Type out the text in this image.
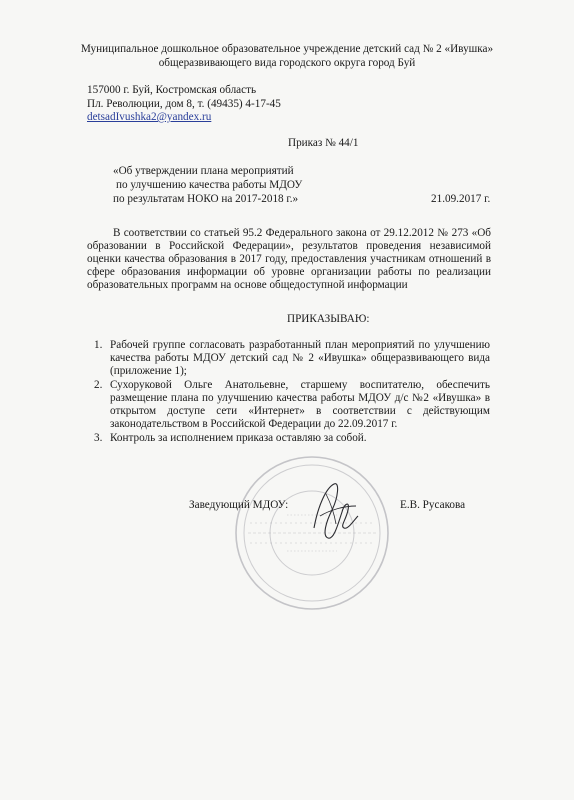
Муниципальное дошкольное образовательное учреждение детский сад № 2 «Ивушка»

общеразвивающего вида городского округа город Буй

157000 г. Буй, Костромская область

Пл. Революции, дом 8, т. (49435) 4-17-45

detsadIvushka2@yandex.ru

Приказ № 44/1

«Об утверждении плана мероприятий

по улучшению качества работы МДОУ

по результатам НОКО на 2017-2018 г.»	21.09.2017 г.

В соответствии со статьей 95.2 Федерального закона от 29.12.2012 № 273 «Об образовании в Российской Федерации», результатов проведения независимой оценки качества образования в 2017 году, предоставления участникам отношений в сфере образования информации об уровне организации работы по реализации образовательных программ на основе общедоступной информации

ПРИКАЗЫВАЮ:

1. Рабочей группе согласовать разработанный план мероприятий по улучшению качества работы МДОУ детский сад № 2 «Ивушка» общеразвивающего вида (приложение 1);
2. Сухоруковой Ольге Анатольевне, старшему воспитателю, обеспечить размещение плана по улучшению качества работы МДОУ д/с №2 «Ивушка» в открытом доступе сети «Интернет» в соответствии с действующим законодательством в Российской Федерации до 22.09.2017 г.
3. Контроль за исполнением приказа оставляю за собой.

Заведующий МДОУ:	Е.В. Русакова
